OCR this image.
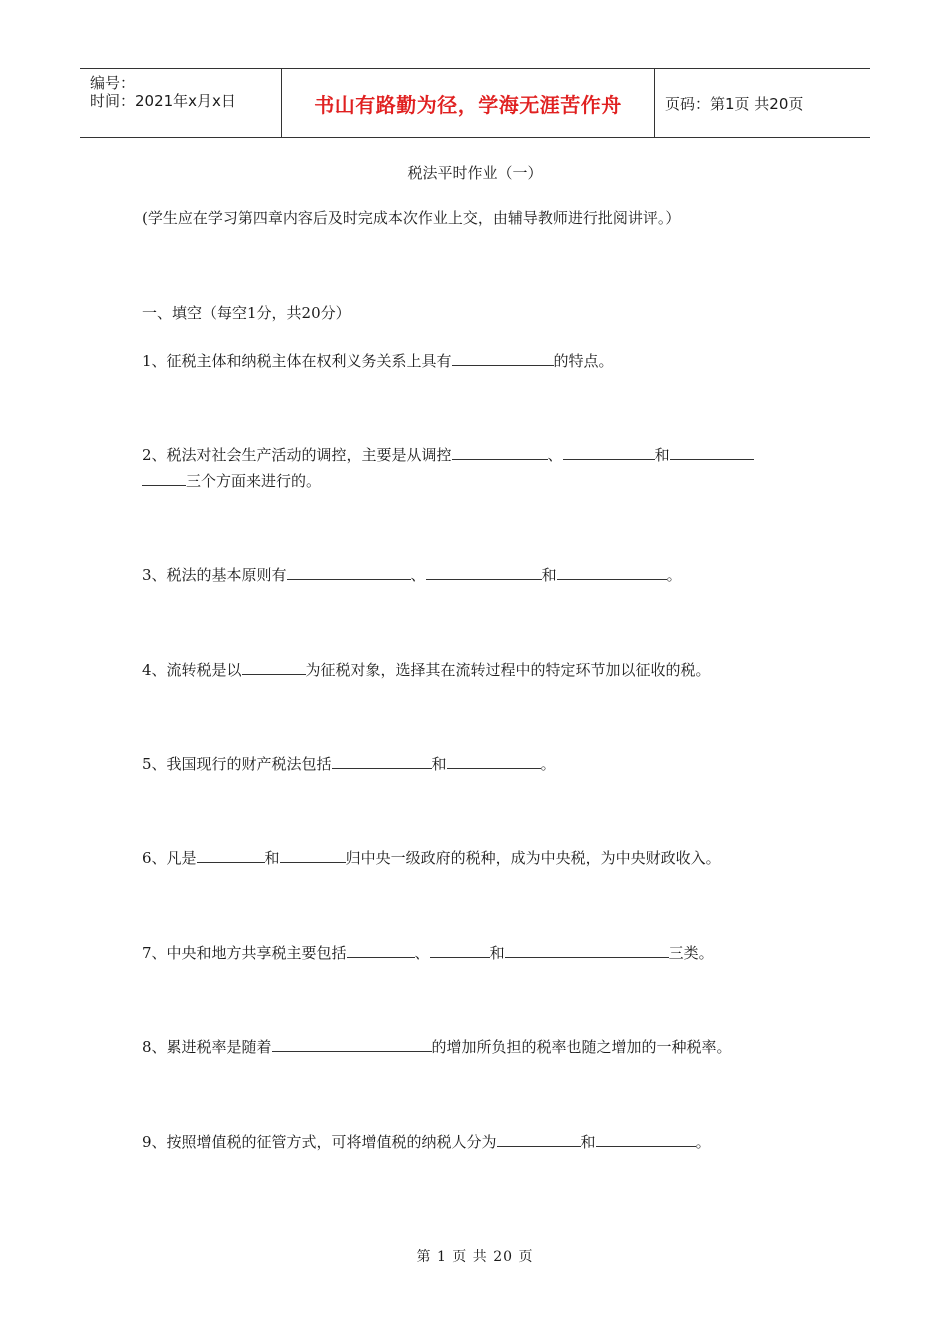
编号：
时间：2021年x月x日	书山有路勤为径，学海无涯苦作舟	页码：第1页 共20页
税法平时作业（一）
(学生应在学习第四章内容后及时完成本次作业上交，由辅导教师进行批阅讲评。）
一、填空（每空1分，共20分）
1、征税主体和纳税主体在权利义务关系上具有	的特点。
2、税法对社会生产活动的调控，主要是从调控	、	和
三个方面来进行的。
3、税法的基本原则有	、	和	。
4、流转税是以	为征税对象，选择其在流转过程中的特定环节加以征收的税。
5、我国现行的财产税法包括	和	。
6、凡是	和	归中央一级政府的税种，成为中央税，为中央财政收入。
7、中央和地方共享税主要包括	、	和	三类。
8、累进税率是随着	的增加所负担的税率也随之增加的一种税率。
9、按照增值税的征管方式，可将增值税的纳税人分为	和	。
第 1 页 共 20 页
